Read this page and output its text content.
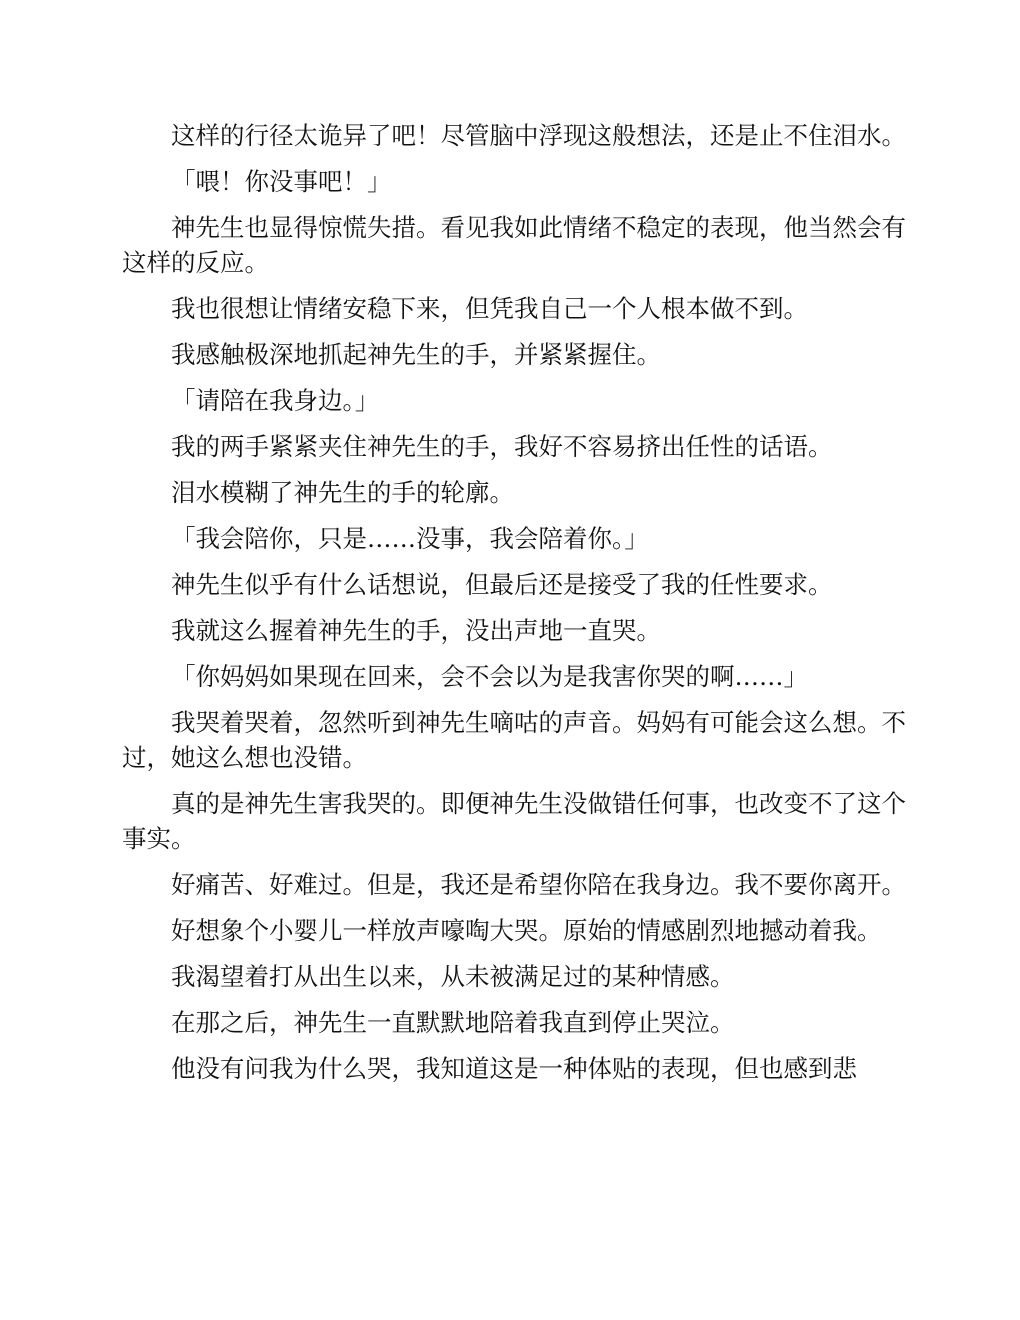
这样的行径太诡异了吧！尽管脑中浮现这般想法，还是止不住泪水。

「喂！你没事吧！」

神先生也显得惊慌失措。看见我如此情绪不稳定的表现，他当然会有这样的反应。

我也很想让情绪安稳下来，但凭我自己一个人根本做不到。

我感触极深地抓起神先生的手，并紧紧握住。

「请陪在我身边。」

我的两手紧紧夹住神先生的手，我好不容易挤出任性的话语。

泪水模糊了神先生的手的轮廓。

「我会陪你，只是……没事，我会陪着你。」

神先生似乎有什么话想说，但最后还是接受了我的任性要求。

我就这么握着神先生的手，没出声地一直哭。

「你妈妈如果现在回来，会不会以为是我害你哭的啊……」

我哭着哭着，忽然听到神先生嘀咕的声音。妈妈有可能会这么想。不过，她这么想也没错。

真的是神先生害我哭的。即便神先生没做错任何事，也改变不了这个事实。

好痛苦、好难过。但是，我还是希望你陪在我身边。我不要你离开。

好想象个小婴儿一样放声嚎啕大哭。原始的情感剧烈地撼动着我。

我渴望着打从出生以来，从未被满足过的某种情感。

在那之后，神先生一直默默地陪着我直到停止哭泣。

他没有问我为什么哭，我知道这是一种体贴的表现，但也感到悲
